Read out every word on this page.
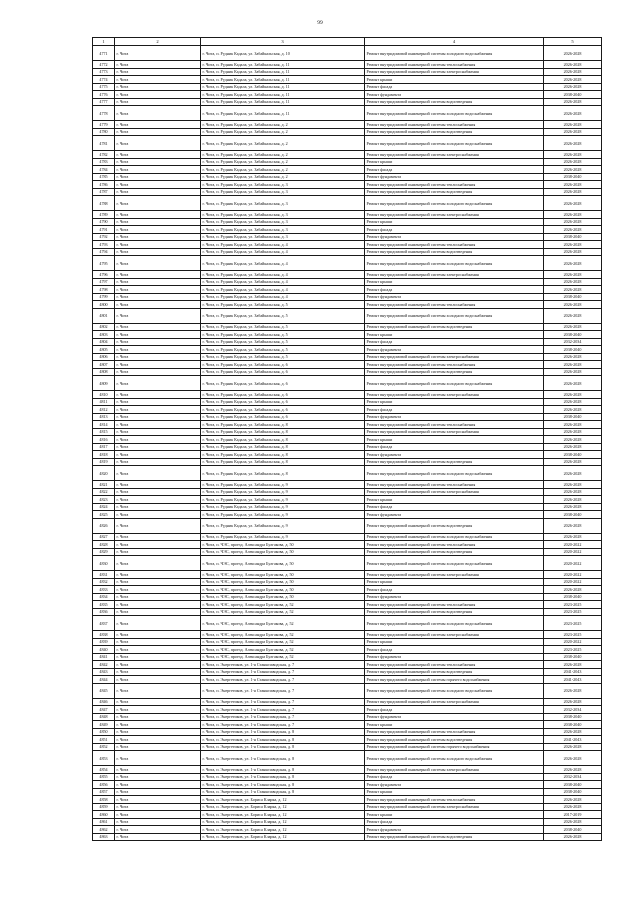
99
1	2	3	4	5
4771	г. Чита	г. Чита, п. Рудник Кадала, ул. Забайкальская, д. 10	Ремонт внутридомовой инженерной системы холодного водоснабжения	2026-2028
4772	г. Чита	г. Чита, п. Рудник Кадала, ул. Забайкальская, д. 11	Ремонт внутридомовой инженерной системы теплоснабжения	2026-2028
4773	г. Чита	г. Чита, п. Рудник Кадала, ул. Забайкальская, д. 11	Ремонт внутридомовой инженерной системы электроснабжения	2026-2028
4774	г. Чита	г. Чита, п. Рудник Кадала, ул. Забайкальская, д. 11	Ремонт крыши	2026-2028
4775	г. Чита	г. Чита, п. Рудник Кадала, ул. Забайкальская, д. 11	Ремонт фасада	2026-2028
4776	г. Чита	г. Чита, п. Рудник Кадала, ул. Забайкальская, д. 11	Ремонт фундамента	2038-2040
4777	г. Чита	г. Чита, п. Рудник Кадала, ул. Забайкальская, д. 11	Ремонт внутридомовой инженерной системы водоотведения	2026-2028
4778	г. Чита	г. Чита, п. Рудник Кадала, ул. Забайкальская, д. 11	Ремонт внутридомовой инженерной системы холодного водоснабжения	2026-2028
4779	г. Чита	г. Чита, п. Рудник Кадала, ул. Забайкальская, д. 2	Ремонт внутридомовой инженерной системы теплоснабжения	2026-2028
4780	г. Чита	г. Чита, п. Рудник Кадала, ул. Забайкальская, д. 2	Ремонт внутридомовой инженерной системы водоотведения	2026-2028
4781	г. Чита	г. Чита, п. Рудник Кадала, ул. Забайкальская, д. 2	Ремонт внутридомовой инженерной системы холодного водоснабжения	2026-2028
4782	г. Чита	г. Чита, п. Рудник Кадала, ул. Забайкальская, д. 2	Ремонт внутридомовой инженерной системы электроснабжения	2026-2028
4783	г. Чита	г. Чита, п. Рудник Кадала, ул. Забайкальская, д. 2	Ремонт крыши	2026-2028
4784	г. Чита	г. Чита, п. Рудник Кадала, ул. Забайкальская, д. 2	Ремонт фасада	2026-2028
4785	г. Чита	г. Чита, п. Рудник Кадала, ул. Забайкальская, д. 2	Ремонт фундамента	2038-2040
4786	г. Чита	г. Чита, п. Рудник Кадала, ул. Забайкальская, д. 3	Ремонт внутридомовой инженерной системы теплоснабжения	2026-2028
4787	г. Чита	г. Чита, п. Рудник Кадала, ул. Забайкальская, д. 3	Ремонт внутридомовой инженерной системы водоотведения	2026-2028
4788	г. Чита	г. Чита, п. Рудник Кадала, ул. Забайкальская, д. 3	Ремонт внутридомовой инженерной системы холодного водоснабжения	2026-2028
4789	г. Чита	г. Чита, п. Рудник Кадала, ул. Забайкальская, д. 3	Ремонт внутридомовой инженерной системы электроснабжения	2026-2028
4790	г. Чита	г. Чита, п. Рудник Кадала, ул. Забайкальская, д. 3	Ремонт крыши	2026-2028
4791	г. Чита	г. Чита, п. Рудник Кадала, ул. Забайкальская, д. 3	Ремонт фасада	2026-2028
4792	г. Чита	г. Чита, п. Рудник Кадала, ул. Забайкальская, д. 3	Ремонт фундамента	2038-2040
4793	г. Чита	г. Чита, п. Рудник Кадала, ул. Забайкальская, д. 4	Ремонт внутридомовой инженерной системы теплоснабжения	2026-2028
4794	г. Чита	г. Чита, п. Рудник Кадала, ул. Забайкальская, д. 4	Ремонт внутридомовой инженерной системы водоотведения	2026-2028
4795	г. Чита	г. Чита, п. Рудник Кадала, ул. Забайкальская, д. 4	Ремонт внутридомовой инженерной системы холодного водоснабжения	2026-2028
4796	г. Чита	г. Чита, п. Рудник Кадала, ул. Забайкальская, д. 4	Ремонт внутридомовой инженерной системы электроснабжения	2026-2028
4797	г. Чита	г. Чита, п. Рудник Кадала, ул. Забайкальская, д. 4	Ремонт крыши	2026-2028
4798	г. Чита	г. Чита, п. Рудник Кадала, ул. Забайкальская, д. 4	Ремонт фасада	2026-2028
4799	г. Чита	г. Чита, п. Рудник Кадала, ул. Забайкальская, д. 4	Ремонт фундамента	2038-2040
4800	г. Чита	г. Чита, п. Рудник Кадала, ул. Забайкальская, д. 5	Ремонт внутридомовой инженерной системы теплоснабжения	2026-2028
4801	г. Чита	г. Чита, п. Рудник Кадала, ул. Забайкальская, д. 5	Ремонт внутридомовой инженерной системы холодного водоснабжения	2026-2028
4802	г. Чита	г. Чита, п. Рудник Кадала, ул. Забайкальская, д. 5	Ремонт внутридомовой инженерной системы водоотведения	2026-2028
4803	г. Чита	г. Чита, п. Рудник Кадала, ул. Забайкальская, д. 5	Ремонт крыши	2038-2040
4804	г. Чита	г. Чита, п. Рудник Кадала, ул. Забайкальская, д. 5	Ремонт фасада	2032-2034
4805	г. Чита	г. Чита, п. Рудник Кадала, ул. Забайкальская, д. 5	Ремонт фундамента	2038-2040
4806	г. Чита	г. Чита, п. Рудник Кадала, ул. Забайкальская, д. 5	Ремонт внутридомовой инженерной системы электроснабжения	2026-2028
4807	г. Чита	г. Чита, п. Рудник Кадала, ул. Забайкальская, д. 6	Ремонт внутридомовой инженерной системы теплоснабжения	2026-2028
4808	г. Чита	г. Чита, п. Рудник Кадала, ул. Забайкальская, д. 6	Ремонт внутридомовой инженерной системы водоотведения	2026-2028
4809	г. Чита	г. Чита, п. Рудник Кадала, ул. Забайкальская, д. 6	Ремонт внутридомовой инженерной системы холодного водоснабжения	2026-2028
4810	г. Чита	г. Чита, п. Рудник Кадала, ул. Забайкальская, д. 6	Ремонт внутридомовой инженерной системы электроснабжения	2026-2028
4811	г. Чита	г. Чита, п. Рудник Кадала, ул. Забайкальская, д. 6	Ремонт крыши	2026-2028
4812	г. Чита	г. Чита, п. Рудник Кадала, ул. Забайкальская, д. 6	Ремонт фасада	2026-2028
4813	г. Чита	г. Чита, п. Рудник Кадала, ул. Забайкальская, д. 6	Ремонт фундамента	2038-2040
4814	г. Чита	г. Чита, п. Рудник Кадала, ул. Забайкальская, д. 8	Ремонт внутридомовой инженерной системы теплоснабжения	2026-2028
4815	г. Чита	г. Чита, п. Рудник Кадала, ул. Забайкальская, д. 8	Ремонт внутридомовой инженерной системы электроснабжения	2026-2028
4816	г. Чита	г. Чита, п. Рудник Кадала, ул. Забайкальская, д. 8	Ремонт крыши	2026-2028
4817	г. Чита	г. Чита, п. Рудник Кадала, ул. Забайкальская, д. 8	Ремонт фасада	2026-2028
4818	г. Чита	г. Чита, п. Рудник Кадала, ул. Забайкальская, д. 8	Ремонт фундамента	2038-2040
4819	г. Чита	г. Чита, п. Рудник Кадала, ул. Забайкальская, д. 8	Ремонт внутридомовой инженерной системы водоотведения	2026-2028
4820	г. Чита	г. Чита, п. Рудник Кадала, ул. Забайкальская, д. 8	Ремонт внутридомовой инженерной системы холодного водоснабжения	2026-2028
4821	г. Чита	г. Чита, п. Рудник Кадала, ул. Забайкальская, д. 9	Ремонт внутридомовой инженерной системы теплоснабжения	2026-2028
4822	г. Чита	г. Чита, п. Рудник Кадала, ул. Забайкальская, д. 9	Ремонт внутридомовой инженерной системы электроснабжения	2026-2028
4823	г. Чита	г. Чита, п. Рудник Кадала, ул. Забайкальская, д. 9	Ремонт крыши	2026-2028
4824	г. Чита	г. Чита, п. Рудник Кадала, ул. Забайкальская, д. 9	Ремонт фасада	2026-2028
4825	г. Чита	г. Чита, п. Рудник Кадала, ул. Забайкальская, д. 9	Ремонт фундамента	2038-2040
4826	г. Чита	г. Чита, п. Рудник Кадала, ул. Забайкальская, д. 9	Ремонт внутридомовой инженерной системы водоотведения	2026-2028
4827	г. Чита	г. Чита, п. Рудник Кадала, ул. Забайкальская, д. 9	Ремонт внутридомовой инженерной системы холодного водоснабжения	2026-2028
4828	г. Чита	г. Чита, п. ЧЭС, проезд. Александра Булгакова, д. 50	Ремонт внутридомовой инженерной системы теплоснабжения	2020-2022
4829	г. Чита	г. Чита, п. ЧЭС, проезд. Александра Булгакова, д. 50	Ремонт внутридомовой инженерной системы водоотведения	2020-2022
4830	г. Чита	г. Чита, п. ЧЭС, проезд. Александра Булгакова, д. 50	Ремонт внутридомовой инженерной системы холодного водоснабжения	2020-2022
4831	г. Чита	г. Чита, п. ЧЭС, проезд. Александра Булгакова, д. 50	Ремонт внутридомовой инженерной системы электроснабжения	2020-2022
4832	г. Чита	г. Чита, п. ЧЭС, проезд. Александра Булгакова, д. 50	Ремонт крыши	2020-2022
4833	г. Чита	г. Чита, п. ЧЭС, проезд. Александра Булгакова, д. 50	Ремонт фасада	2026-2028
4834	г. Чита	г. Чита, п. ЧЭС, проезд. Александра Булгакова, д. 50	Ремонт фундамента	2038-2040
4835	г. Чита	г. Чита, п. ЧЭС, проезд. Александра Булгакова, д. 52	Ремонт внутридомовой инженерной системы теплоснабжения	2023-2025
4836	г. Чита	г. Чита, п. ЧЭС, проезд. Александра Булгакова, д. 52	Ремонт внутридомовой инженерной системы водоотведения	2023-2025
4837	г. Чита	г. Чита, п. ЧЭС, проезд. Александра Булгакова, д. 52	Ремонт внутридомовой инженерной системы холодного водоснабжения	2023-2025
4838	г. Чита	г. Чита, п. ЧЭС, проезд. Александра Булгакова, д. 52	Ремонт внутридомовой инженерной системы электроснабжения	2023-2025
4839	г. Чита	г. Чита, п. ЧЭС, проезд. Александра Булгакова, д. 52	Ремонт крыши	2020-2022
4840	г. Чита	г. Чита, п. ЧЭС, проезд. Александра Булгакова, д. 52	Ремонт фасада	2023-2025
4841	г. Чита	г. Чита, п. ЧЭС, проезд. Александра Булгакова, д. 52	Ремонт фундамента	2038-2040
4842	г. Чита	г. Чита, п. Энергетиков, ул. 1-я Станкозаводская, д. 7	Ремонт внутридомовой инженерной системы теплоснабжения	2026-2028
4843	г. Чита	г. Чита, п. Энергетиков, ул. 1-я Станкозаводская, д. 7	Ремонт внутридомовой инженерной системы водоотведения	2041-2043
4844	г. Чита	г. Чита, п. Энергетиков, ул. 1-я Станкозаводская, д. 7	Ремонт внутридомовой инженерной системы горячего водоснабжения	2041-2043
4845	г. Чита	г. Чита, п. Энергетиков, ул. 1-я Станкозаводская, д. 7	Ремонт внутридомовой инженерной системы холодного водоснабжения	2026-2028
4846	г. Чита	г. Чита, п. Энергетиков, ул. 1-я Станкозаводская, д. 7	Ремонт внутридомовой инженерной системы электроснабжения	2026-2028
4847	г. Чита	г. Чита, п. Энергетиков, ул. 1-я Станкозаводская, д. 7	Ремонт фасада	2032-2034
4848	г. Чита	г. Чита, п. Энергетиков, ул. 1-я Станкозаводская, д. 7	Ремонт фундамента	2038-2040
4849	г. Чита	г. Чита, п. Энергетиков, ул. 1-я Станкозаводская, д. 7	Ремонт крыши	2038-2040
4850	г. Чита	г. Чита, п. Энергетиков, ул. 1-я Станкозаводская, д. 8	Ремонт внутридомовой инженерной системы теплоснабжения	2026-2028
4851	г. Чита	г. Чита, п. Энергетиков, ул. 1-я Станкозаводская, д. 8	Ремонт внутридомовой инженерной системы водоотведения	2041-2043
4852	г. Чита	г. Чита, п. Энергетиков, ул. 1-я Станкозаводская, д. 8	Ремонт внутридомовой инженерной системы горячего водоснабжения	2026-2028
4853	г. Чита	г. Чита, п. Энергетиков, ул. 1-я Станкозаводская, д. 8	Ремонт внутридомовой инженерной системы холодного водоснабжения	2026-2028
4854	г. Чита	г. Чита, п. Энергетиков, ул. 1-я Станкозаводская, д. 8	Ремонт внутридомовой инженерной системы электроснабжения	2026-2028
4855	г. Чита	г. Чита, п. Энергетиков, ул. 1-я Станкозаводская, д. 8	Ремонт фасада	2032-2034
4856	г. Чита	г. Чита, п. Энергетиков, ул. 1-я Станкозаводская, д. 8	Ремонт фундамента	2038-2040
4857	г. Чита	г. Чита, п. Энергетиков, ул. 1-я Станкозаводская, д. 8	Ремонт крыши	2038-2040
4858	г. Чита	г. Чита, п. Энергетиков, ул. Бориса Кларка, д. 12	Ремонт внутридомовой инженерной системы теплоснабжения	2026-2028
4859	г. Чита	г. Чита, п. Энергетиков, ул. Бориса Кларка, д. 12	Ремонт внутридомовой инженерной системы электроснабжения	2026-2028
4860	г. Чита	г. Чита, п. Энергетиков, ул. Бориса Кларка, д. 12	Ремонт крыши	2017-2019
4861	г. Чита	г. Чита, п. Энергетиков, ул. Бориса Кларка, д. 12	Ремонт фасада	2026-2028
4862	г. Чита	г. Чита, п. Энергетиков, ул. Бориса Кларка, д. 12	Ремонт фундамента	2038-2040
4863	г. Чита	г. Чита, п. Энергетиков, ул. Бориса Кларка, д. 12	Ремонт внутридомовой инженерной системы водоотведения	2026-2028
